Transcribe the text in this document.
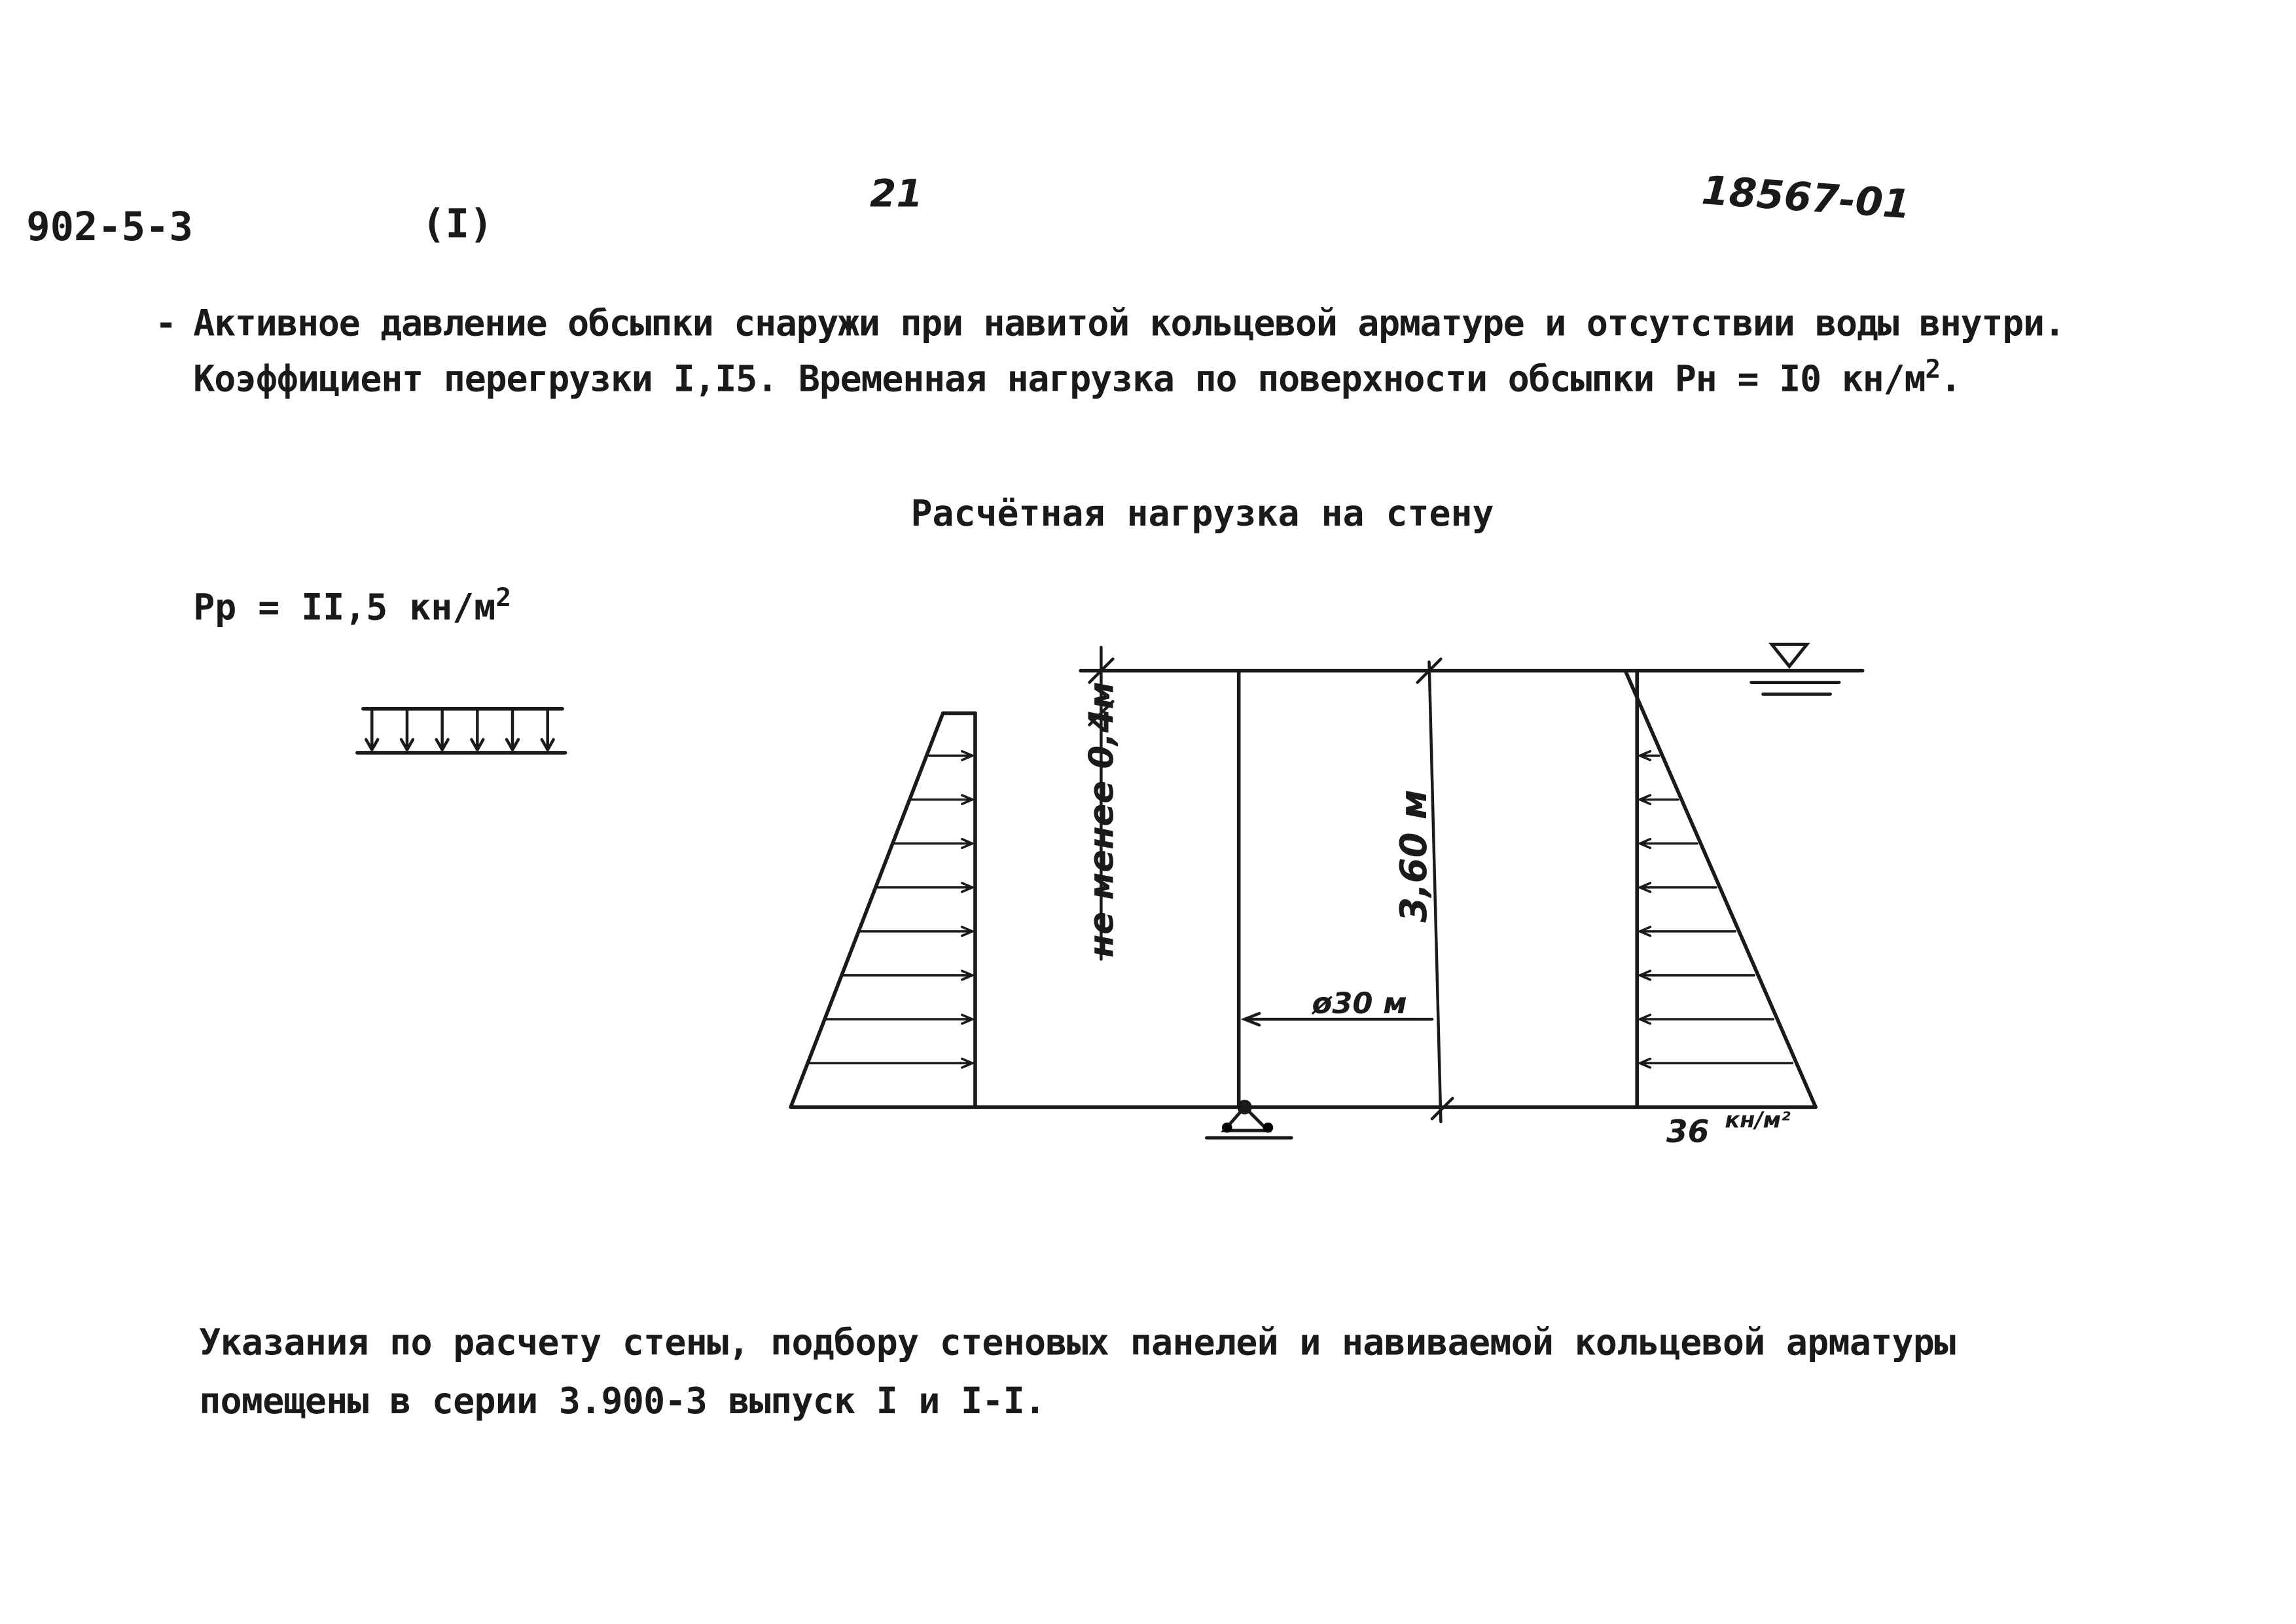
902-5-3	(I)
21	18567-01
- Активное давление обсыпки снаружи при навитой кольцевой арматуре и отсутствии воды внутри.
Коэффициент перегрузки I,I5. Временная нагрузка по поверхности обсыпки Pн = I0 $кн/м^2$.
Расчётная нагрузка на стену
Pp = II,5 $кн/м^2$
не менее 0,4м	3,60 м
ø30 м
36 кн/м²
Указания по расчету стены, подбору стеновых панелей и навиваемой кольцевой арматуры
помещены в серии 3.900-3 выпуск I и I-I.
